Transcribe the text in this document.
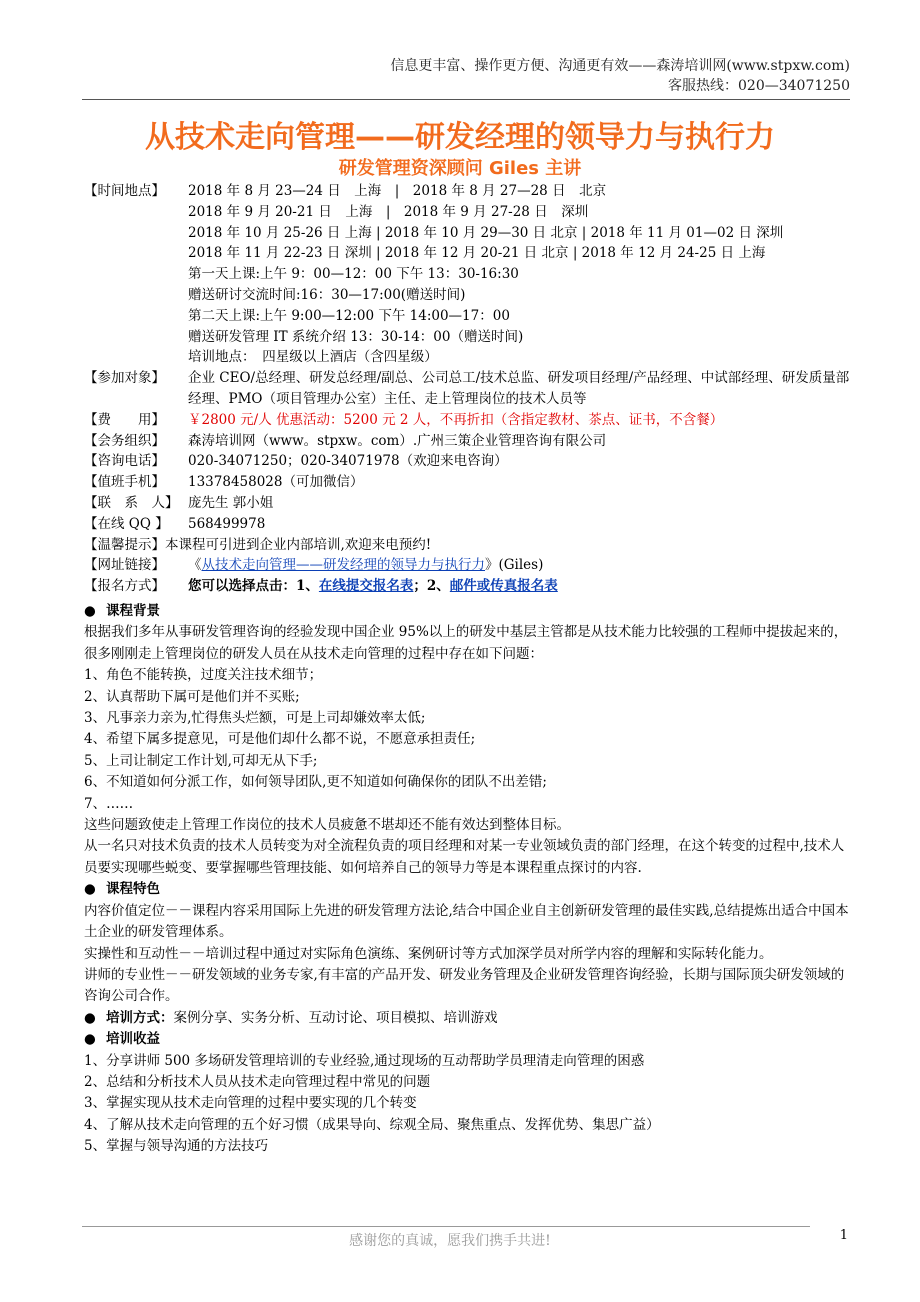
信息更丰富、操作更方便、沟通更有效——森涛培训网(www.stpxw.com)
客服热线：020—34071250
从技术走向管理——研发经理的领导力与执行力
研发管理资深顾问 Giles 主讲
【时间地点】	2018 年 8 月 23—24 日　上海　|　2018 年 8 月 27—28 日　北京
2018 年 9 月 20-21 日　上海　|　2018 年 9 月 27-28 日　深圳
2018 年 10 月 25-26 日 上海 | 2018 年 10 月 29—30 日 北京 | 2018 年 11 月 01—02 日 深圳
2018 年 11 月 22-23 日 深圳 | 2018 年 12 月 20-21 日 北京 | 2018 年 12 月 24-25 日 上海
第一天上课:上午 9：00—12：00 下午 13：30-16:30
赠送研讨交流时间:16：30—17:00(赠送时间)
第二天上课:上午 9:00—12:00 下午 14:00—17：00
赠送研发管理 IT 系统介绍 13：30-14：00（赠送时间)
培训地点：　四星级以上酒店（含四星级）
【参加对象】	企业 CEO/总经理、研发总经理/副总、公司总工/技术总监、研发项目经理/产品经理、中试部经理、研发质量部经理、PMO（项目管理办公室）主任、走上管理岗位的技术人员等
【费　　用】	￥2800 元/人 优惠活动：5200 元 2 人，不再折扣（含指定教材、茶点、证书，不含餐）
【会务组织】	森涛培训网（www。stpxw。com）.广州三策企业管理咨询有限公司
【咨询电话】	020-34071250；020-34071978（欢迎来电咨询）
【值班手机】	13378458028（可加微信）
【联　系　人】 庞先生 郭小姐
【在线 QQ 】	568499978
【温馨提示】 本课程可引进到企业内部培训,欢迎来电预约!
【网址链接】	《从技术走向管理——研发经理的领导力与执行力》(Giles)
【报名方式】	您可以选择点击：1、在线提交报名表；2、邮件或传真报名表
● 课程背景
根据我们多年从事研发管理咨询的经验发现中国企业 95%以上的研发中基层主管都是从技术能力比较强的工程师中提拔起来的，很多刚刚走上管理岗位的研发人员在从技术走向管理的过程中存在如下问题：
1、角色不能转换，过度关注技术细节；
2、认真帮助下属可是他们并不买账;
3、凡事亲力亲为,忙得焦头烂额，可是上司却嫌效率太低;
4、希望下属多提意见，可是他们却什么都不说，不愿意承担责任;
5、上司让制定工作计划,可却无从下手;
6、不知道如何分派工作，如何领导团队,更不知道如何确保你的团队不出差错;
7、……
这些问题致使走上管理工作岗位的技术人员疲惫不堪却还不能有效达到整体目标。
从一名只对技术负责的技术人员转变为对全流程负责的项目经理和对某一专业领域负责的部门经理，在这个转变的过程中,技术人员要实现哪些蜕变、要掌握哪些管理技能、如何培养自己的领导力等是本课程重点探讨的内容.
● 课程特色
内容价值定位－－课程内容采用国际上先进的研发管理方法论,结合中国企业自主创新研发管理的最佳实践,总结提炼出适合中国本土企业的研发管理体系。
实操性和互动性－－培训过程中通过对实际角色演练、案例研讨等方式加深学员对所学内容的理解和实际转化能力。
讲师的专业性－－研发领域的业务专家,有丰富的产品开发、研发业务管理及企业研发管理咨询经验，长期与国际顶尖研发领域的咨询公司合作。
● 培训方式：案例分享、实务分析、互动讨论、项目模拟、培训游戏
● 培训收益
1、分享讲师 500 多场研发管理培训的专业经验,通过现场的互动帮助学员理清走向管理的困惑
2、总结和分析技术人员从技术走向管理过程中常见的问题
3、掌握实现从技术走向管理的过程中要实现的几个转变
4、了解从技术走向管理的五个好习惯（成果导向、综观全局、聚焦重点、发挥优势、集思广益）
5、掌握与领导沟通的方法技巧
感谢您的真诚，愿我们携手共进!	1
